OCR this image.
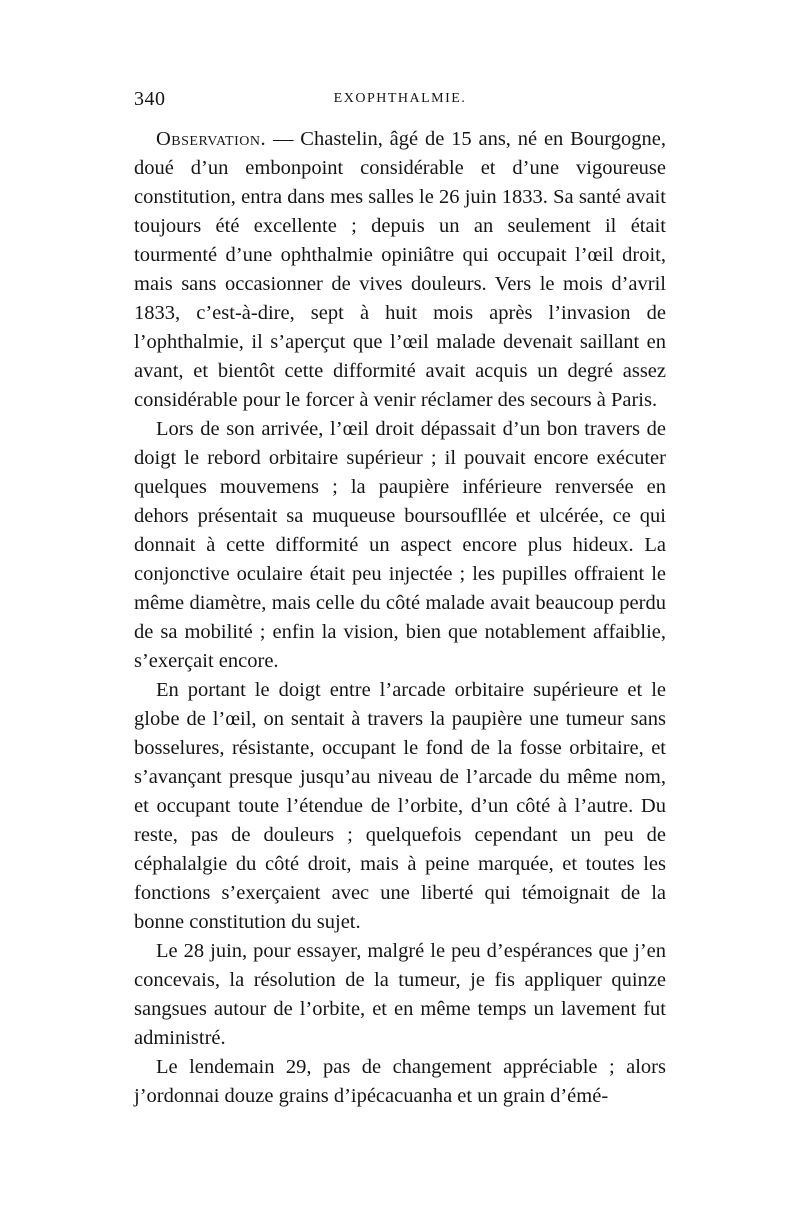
340	EXOPHTHALMIE.

Observation. — Chastelin, âgé de 15 ans, né en Bourgogne, doué d’un embonpoint considérable et d’une vigoureuse constitution, entra dans mes salles le 26 juin 1833. Sa santé avait toujours été excellente ; depuis un an seulement il était tourmenté d’une ophthalmie opiniâtre qui occupait l’œil droit, mais sans occasionner de vives douleurs. Vers le mois d’avril 1833, c’est-à-dire, sept à huit mois après l’invasion de l’ophthalmie, il s’aperçut que l’œil malade devenait saillant en avant, et bientôt cette difformité avait acquis un degré assez considérable pour le forcer à venir réclamer des secours à Paris.

Lors de son arrivée, l’œil droit dépassait d’un bon travers de doigt le rebord orbitaire supérieur ; il pouvait encore exécuter quelques mouvemens ; la paupière inférieure renversée en dehors présentait sa muqueuse boursoufllée et ulcérée, ce qui donnait à cette difformité un aspect encore plus hideux. La conjonctive oculaire était peu injectée ; les pupilles offraient le même diamètre, mais celle du côté malade avait beaucoup perdu de sa mobilité ; enfin la vision, bien que notablement affaiblie, s’exerçait encore.

En portant le doigt entre l’arcade orbitaire supérieure et le globe de l’œil, on sentait à travers la paupière une tumeur sans bosselures, résistante, occupant le fond de la fosse orbitaire, et s’avançant presque jusqu’au niveau de l’arcade du même nom, et occupant toute l’étendue de l’orbite, d’un côté à l’autre. Du reste, pas de douleurs ; quelquefois cependant un peu de céphalalgie du côté droit, mais à peine marquée, et toutes les fonctions s’exerçaient avec une liberté qui témoignait de la bonne constitution du sujet.

Le 28 juin, pour essayer, malgré le peu d’espérances que j’en concevais, la résolution de la tumeur, je fis appliquer quinze sangsues autour de l’orbite, et en même temps un lavement fut administré.

Le lendemain 29, pas de changement appréciable ; alors j’ordonnai douze grains d’ipécacuanha et un grain d’émé-
